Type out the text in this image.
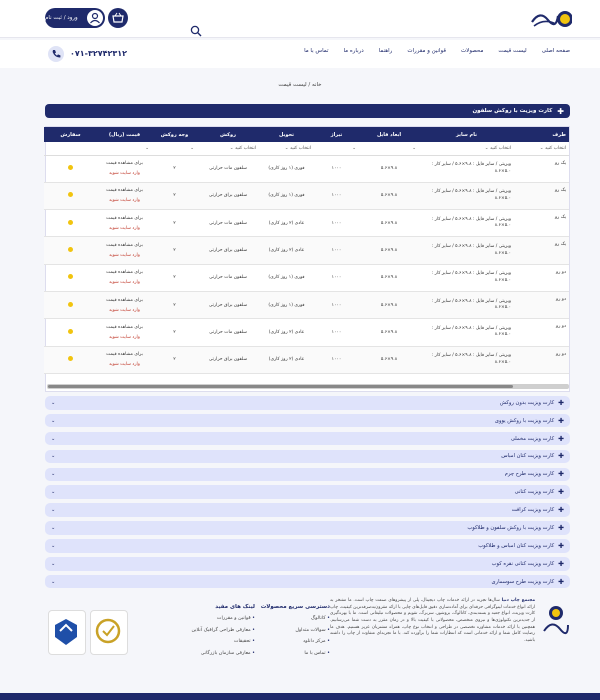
ورود / ثبت نام
صفحه اصلی
لیست قیمت
محصولات
قوانین و مقررات
راهنما
درباره ما
تماس با ما
۰۷۱-۳۲۷۴۲۳۱۲
خانه / لیست قیمت
✚
کارت ویزیت با روکش سلفون
طرف	نام سایز	ابعاد فایل	تیراژ	تحویل	روکش	وجه روکش	قیمت (ریال)	سفارش
انتخاب کنید ⌄	انتخاب کنید ⌄	⌄	⌄	انتخاب کنید ⌄	انتخاب کنید ⌄	⌄	⌄	
یک رو	ویزیتی / سایز فایل : ۹.۸×۵.۶ / سایز کار : ۵.۰×۸.۶	۹.۸×۵.۶	۱۰۰۰	فوری (۱ روز کاری)	سلفون مات حرارتی	۲	برای مشاهده قیمت
وارد سایت شوید	

یک رو	ویزیتی / سایز فایل : ۹.۸×۵.۶ / سایز کار : ۵.۰×۸.۶	۹.۸×۵.۶	۱۰۰۰	فوری (۱ روز کاری)	سلفون براق حرارتی	۲	برای مشاهده قیمت
وارد سایت شوید	

یک رو	ویزیتی / سایز فایل : ۹.۸×۵.۶ / سایز کار : ۵.۰×۸.۶	۹.۸×۵.۶	۱۰۰۰	عادی (۲ روز کاری)	سلفون مات حرارتی	۲	برای مشاهده قیمت
وارد سایت شوید	

یک رو	ویزیتی / سایز فایل : ۹.۸×۵.۶ / سایز کار : ۵.۰×۸.۶	۹.۸×۵.۶	۱۰۰۰	عادی (۲ روز کاری)	سلفون براق حرارتی	۲	برای مشاهده قیمت
وارد سایت شوید	

دو رو	ویزیتی / سایز فایل : ۹.۸×۵.۶ / سایز کار : ۵.۰×۸.۶	۹.۸×۵.۶	۱۰۰۰	فوری (۱ روز کاری)	سلفون مات حرارتی	۲	برای مشاهده قیمت
وارد سایت شوید	

دو رو	ویزیتی / سایز فایل : ۹.۸×۵.۶ / سایز کار : ۵.۰×۸.۶	۹.۸×۵.۶	۱۰۰۰	فوری (۱ روز کاری)	سلفون براق حرارتی	۲	برای مشاهده قیمت
وارد سایت شوید	

دو رو	ویزیتی / سایز فایل : ۹.۸×۵.۶ / سایز کار : ۵.۰×۸.۶	۹.۸×۵.۶	۱۰۰۰	عادی (۲ روز کاری)	سلفون مات حرارتی	۲	برای مشاهده قیمت
وارد سایت شوید	

دو رو	ویزیتی / سایز فایل : ۹.۸×۵.۶ / سایز کار : ۵.۰×۸.۶	۹.۸×۵.۶	۱۰۰۰	عادی (۲ روز کاری)	سلفون براق حرارتی	۲	برای مشاهده قیمت
وارد سایت شوید	

✚
کارت ویزیت بدون روکش
⌄
✚
کارت ویزیت با روکش یووی
⌄
✚
کارت ویزیت مخملی
⌄
✚
کارت ویزیت کتان امباس
⌄
✚
کارت ویزیت طرح چرم
⌄
✚
کارت ویزیت کتانی
⌄
✚
کارت ویزیت کرافت
⌄
✚
کارت ویزیت با روکش سلفون و طلاکوب
⌄
✚
کارت ویزیت کتان امباس و طلاکوب
⌄
✚
کارت ویزیت کتانی نقره کوب
⌄
✚
کارت ویزیت طرح سوسماری
⌄
مجتمع چاپ دنیا سال‌ها تجربه در ارائه خدمات چاپ دیجیتال، پلی از پیشروهای صنعت چاپ است. ما مفتخر به ارائه انواع خدمات لیتوگرافی حرفه‌ای برای آماده‌سازی دقیق فایل‌های چاپی با ارائه مقرون‌به‌صرفه‌ترین کیفیت، چاپ کارت ویزیت، انواع جعبه و بسته‌بندی، کاتالوگ، بروشور، سربرگ، تقویم و محصولات تبلیغاتی است. ما با بهره‌گیری از جدیدترین تکنولوژی‌ها و نیروی متخصص، محصولاتی با کیفیت بالا و در زمان مقرر به دست شما می‌رسانیم. همچنین با ارائه خدمات مشاوره تخصصی در طراحی و انتخاب نوع چاپ، همراه مشتریان عزیز هستیم. هدف ما رضایت کامل شما و ارائه خدماتی است که انتظارات شما را برآورده کند. با ما تجربه‌ای متفاوت از چاپ را داشته باشید.
دسترسی سریع محصولات
• کاتالوگ
• سوالات متداول
• مرکز دانلود
• تماس با ما
لینک های مفید
• قوانین و مقررات
• معارفی طراحی گرافیک آنلاین
• تحقیقات
• معارفی سازمان بازرگانی
